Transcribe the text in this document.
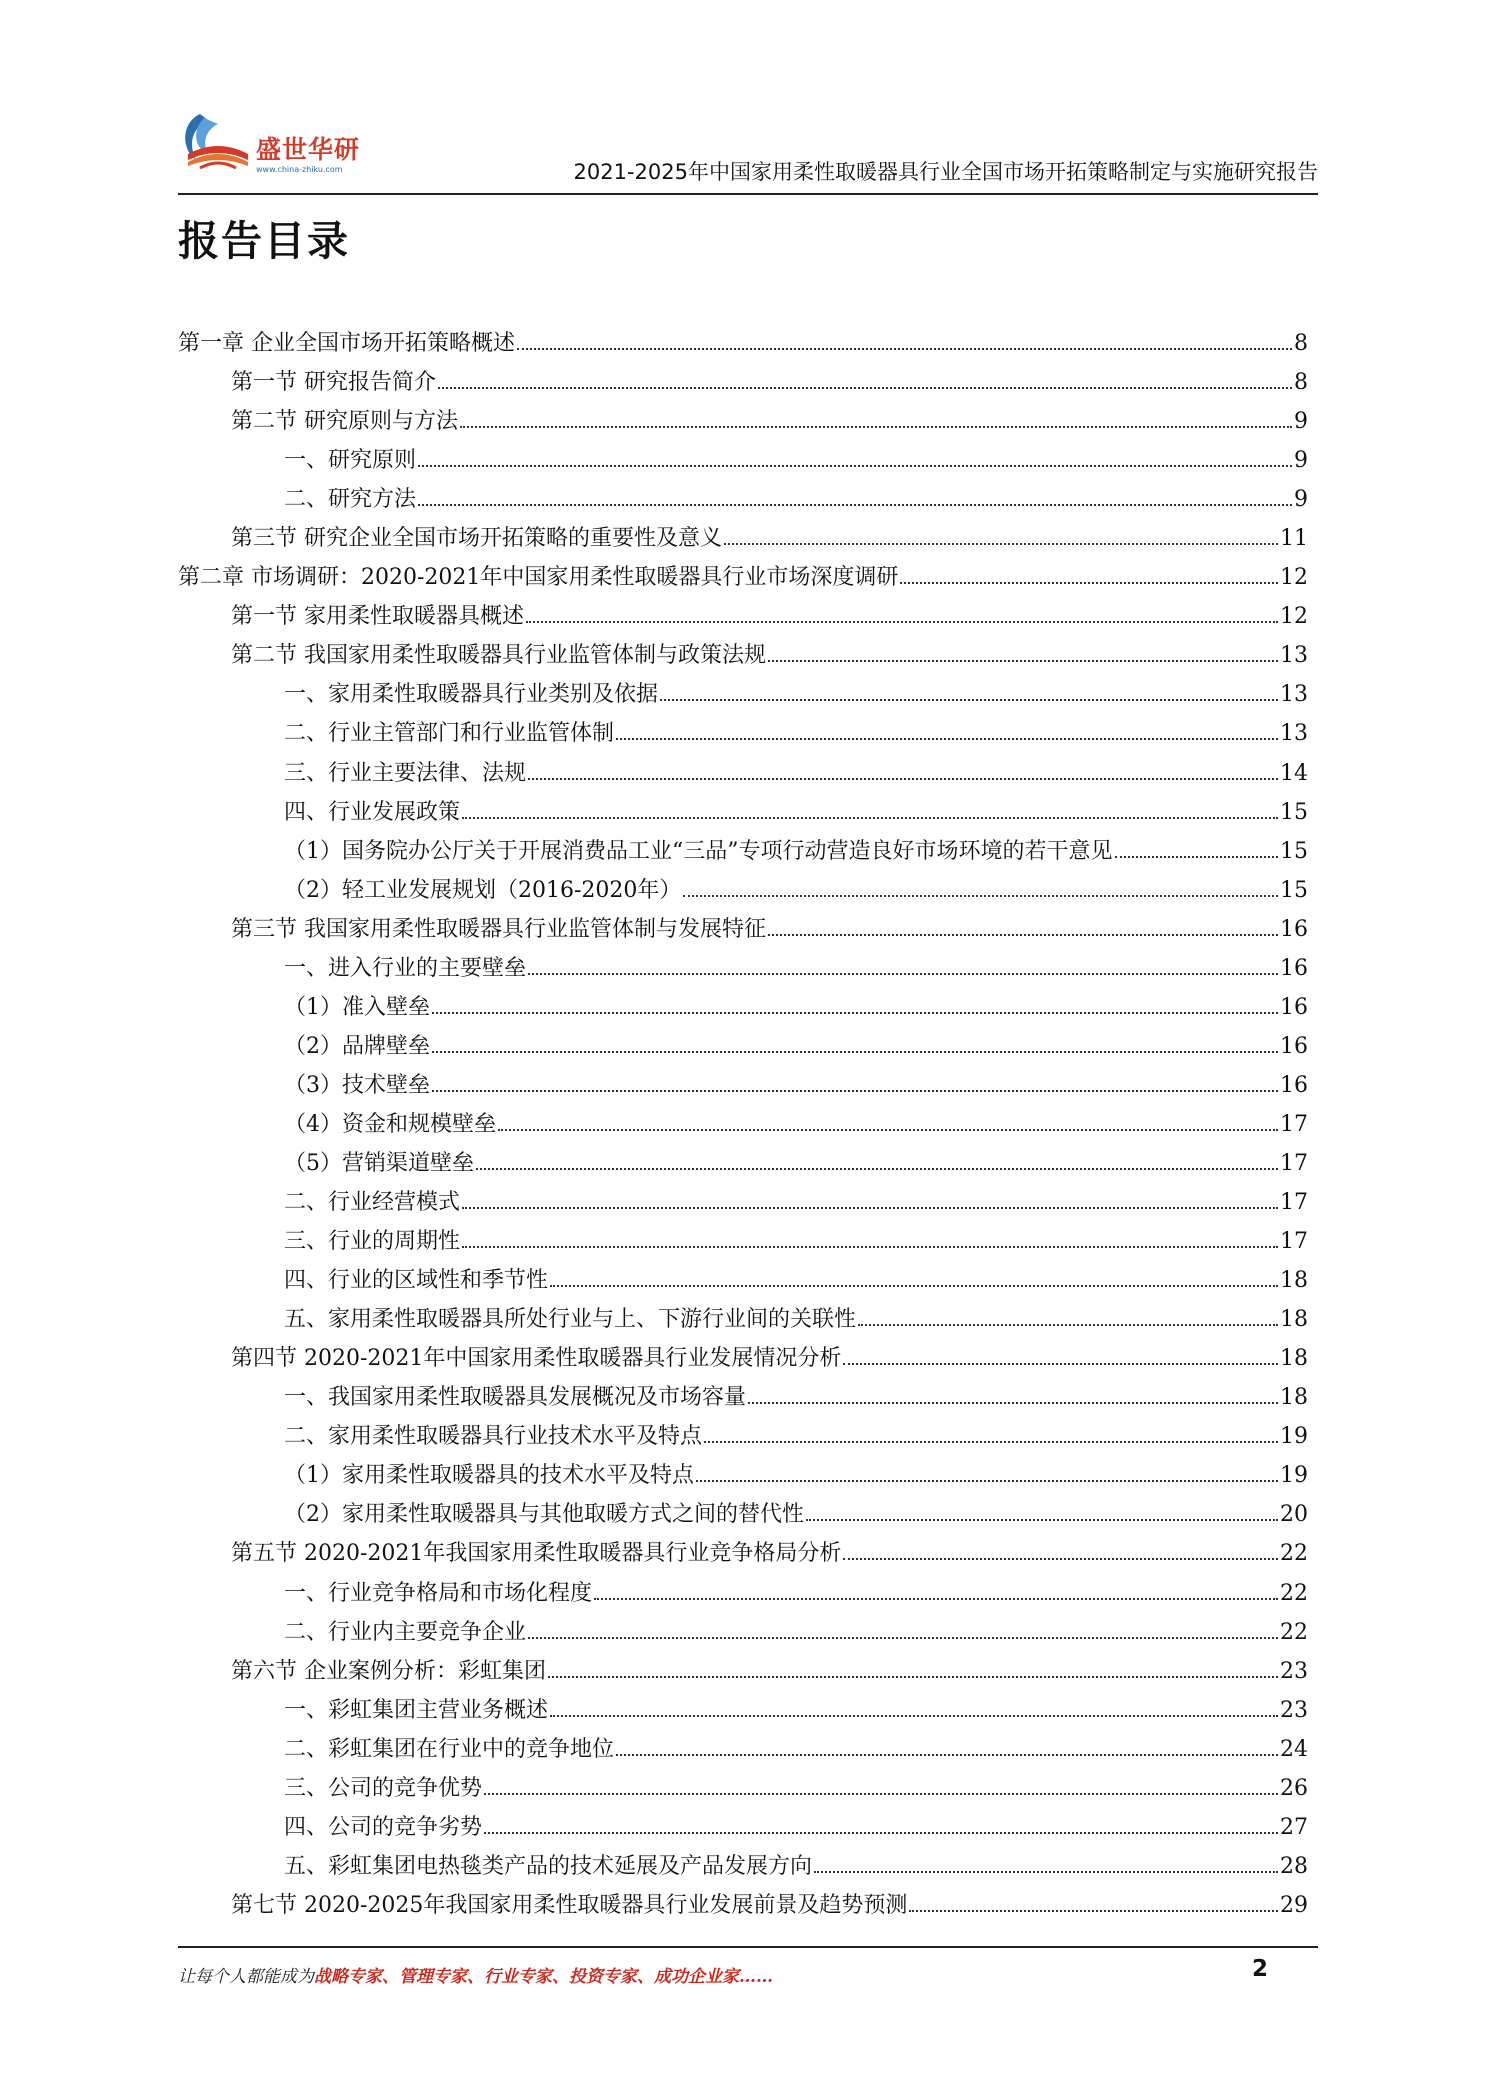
盛世华研
www.china-zhiku.com	2021-2025年中国家用柔性取暖器具行业全国市场开拓策略制定与实施研究报告
报告目录
第一章 企业全国市场开拓策略概述	8
第一节 研究报告简介	8
第二节 研究原则与方法	9
一、研究原则	9
二、研究方法	9
第三节 研究企业全国市场开拓策略的重要性及意义	11
第二章 市场调研：2020-2021年中国家用柔性取暖器具行业市场深度调研	12
第一节 家用柔性取暖器具概述	12
第二节 我国家用柔性取暖器具行业监管体制与政策法规	13
一、家用柔性取暖器具行业类别及依据	13
二、行业主管部门和行业监管体制	13
三、行业主要法律、法规	14
四、行业发展政策	15
（1）国务院办公厅关于开展消费品工业“三品”专项行动营造良好市场环境的若干意见	15
（2）轻工业发展规划（2016-2020年）	15
第三节 我国家用柔性取暖器具行业监管体制与发展特征	16
一、进入行业的主要壁垒	16
（1）准入壁垒	16
（2）品牌壁垒	16
（3）技术壁垒	16
（4）资金和规模壁垒	17
（5）营销渠道壁垒	17
二、行业经营模式	17
三、行业的周期性	17
四、行业的区域性和季节性	18
五、家用柔性取暖器具所处行业与上、下游行业间的关联性	18
第四节 2020-2021年中国家用柔性取暖器具行业发展情况分析	18
一、我国家用柔性取暖器具发展概况及市场容量	18
二、家用柔性取暖器具行业技术水平及特点	19
（1）家用柔性取暖器具的技术水平及特点	19
（2）家用柔性取暖器具与其他取暖方式之间的替代性	20
第五节 2020-2021年我国家用柔性取暖器具行业竞争格局分析	22
一、行业竞争格局和市场化程度	22
二、行业内主要竞争企业	22
第六节 企业案例分析：彩虹集团	23
一、彩虹集团主营业务概述	23
二、彩虹集团在行业中的竞争地位	24
三、公司的竞争优势	26
四、公司的竞争劣势	27
五、彩虹集团电热毯类产品的技术延展及产品发展方向	28
第七节 2020-2025年我国家用柔性取暖器具行业发展前景及趋势预测	29
让每个人都能成为战略专家、管理专家、行业专家、投资专家、成功企业家……	2
